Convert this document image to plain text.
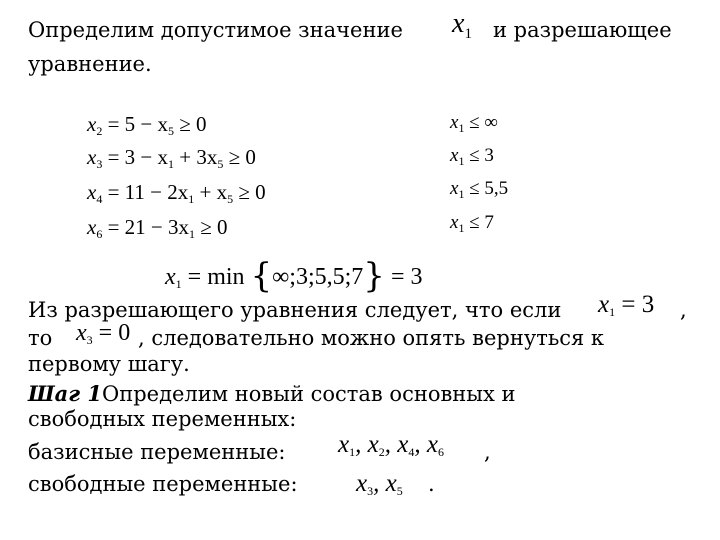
Определим допустимое значение $x_1$ и разрешающее
уравнение.
$x_2 = 5 - x_5 \ge 0$
$x_3 = 3 - x_1 + 3x_5 \ge 0$
$x_4 = 11 - 2x_1 + x_5 \ge 0$
$x_6 = 21 - 3x_1 \ge 0$
$x_1$ ≤ ∞
$x_1 \le 3$
$x_1 \le 5,5$
$x_1 \le 7$
$x_1 = \min$ {∞;3;5,5;7} = 3
Из разрешающего уравнения следует, что если $x_1 = 3$ ,
то $x_3 = 0$ , следовательно можно опять вернуться к
первому шагу.
Шаг 1Определим новый состав основных и
свободных переменных:
базисные переменные: $x_1$, $x_2$, $x_4$, $x_6$ ,
свободные переменные: $x_3$, $x_5$ .
